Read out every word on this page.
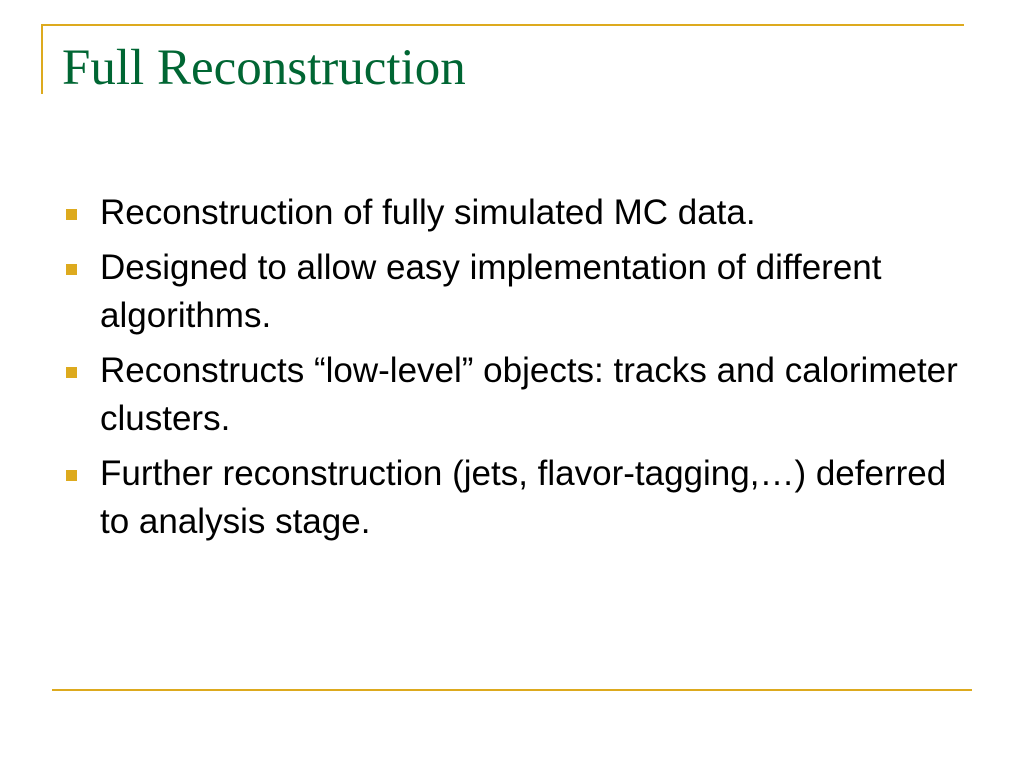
Full Reconstruction
Reconstruction of fully simulated MC data.
Designed to allow easy implementation of different algorithms.
Reconstructs “low-level” objects: tracks and calorimeter clusters.
Further reconstruction (jets, flavor-tagging,…) deferred to analysis stage.
